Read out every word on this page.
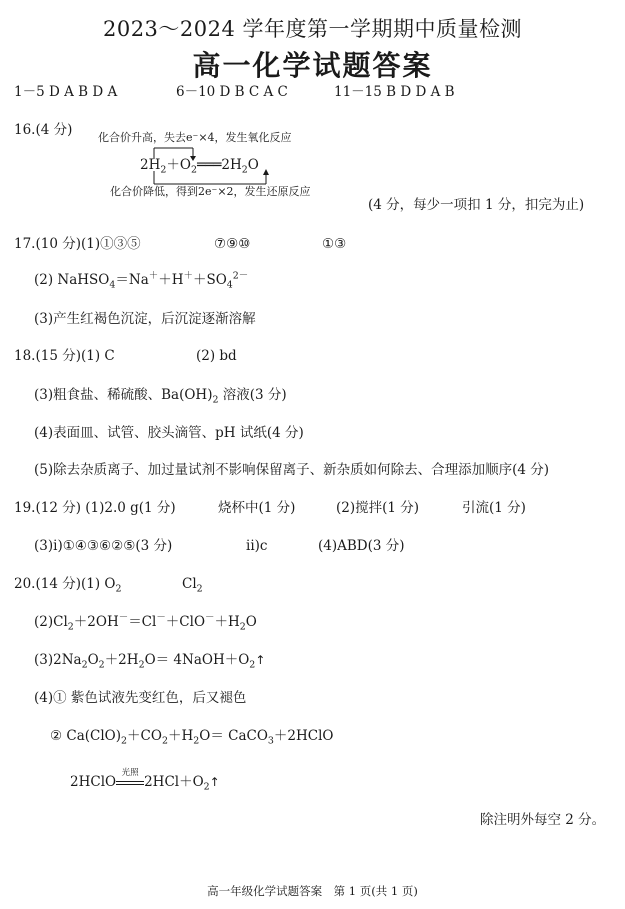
2023～2024 学年度第一学期期中质量检测
高一化学试题答案
1－5 D A B D A	6－10 D B C A C	11－15 B D D A B
16.(4 分) 化合价升高，失去e⁻×4，发生氧化反应
$2H_2+O_2═══2H_2O$
化合价降低，得到2e⁻×2，发生还原反应
(4 分，每少一项扣 1 分，扣完为止)
17.(10 分)(1)①③⑤	⑦⑨⑩	①③
(2) $NaHSO_4=Na^++H^++SO_4^{2-}$
(3)产生红褐色沉淀，后沉淀逐渐溶解
18.(15 分)(1) C	(2) bd
(3)粗食盐、稀硫酸、$Ba(OH)_2$ 溶液(3 分)
(4)表面皿、试管、胶头滴管、pH 试纸(4 分)
(5)除去杂质离子、加过量试剂不影响保留离子、新杂质如何除去、合理添加顺序(4 分)
19.(12 分) (1)2.0 g(1 分)	烧杯中(1 分)	(2)搅拌(1 分)	引流(1 分)
(3)i)①④③⑥②⑤(3 分)	ii)c	(4)ABD(3 分)
20.(14 分)(1) $O_2$	$Cl_2$
$(2)Cl_2+2OH^-=Cl^-+ClO^-+H_2O$
$(3)2Na_2O_2+2H_2O=$ $4NaOH+O_2↑$
(4)① 紫色试液先变红色，后又褪色
② $Ca(ClO)_2+CO_2+H_2O=$ CaCO$_3$＋2HClO
2HClO
光照
$2HCl+O_2↑$
除注明外每空 2 分。
高一年级化学试题答案　第 1 页(共 1 页)
